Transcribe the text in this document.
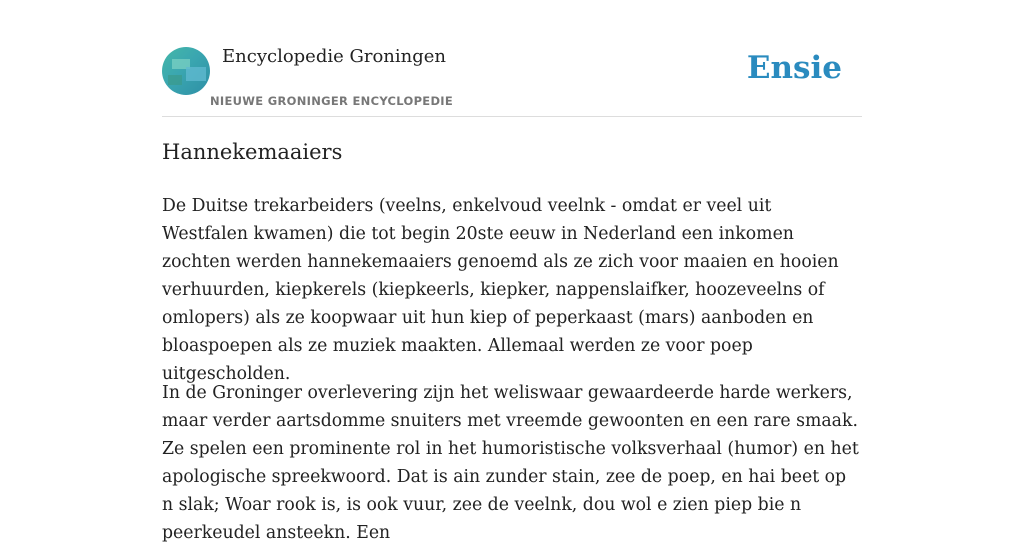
Encyclopedie Groningen
NIEUWE GRONINGER ENCYCLOPEDIE
Ensie
Hannekemaaiers

De Duitse trekarbeiders (veelns, enkelvoud veelnk - omdat er veel uit Westfalen kwamen) die tot begin 20ste eeuw in Nederland een inkomen zochten werden hannekemaaiers genoemd als ze zich voor maaien en hooien verhuurden, kiepkerels (kiepkeerls, kiepker, nappenslaifker, hoozeveelns of omlopers) als ze koopwaar uit hun kiep of peperkaast (mars) aanboden en bloaspoepen als ze muziek maakten. Allemaal werden ze voor poep uitgescholden.

In de Groninger overlevering zijn het weliswaar gewaardeerde harde werkers, maar verder aartsdomme snuiters met vreemde gewoonten en een rare smaak. Ze spelen een prominente rol in het humoristische volksverhaal (humor) en het apologische spreekwoord. Dat is ain zunder stain, zee de poep, en hai beet op n slak; Woar rook is, is ook vuur, zee de veelnk, dou wol e zien piep bie n peerkeudel ansteekn. Een
